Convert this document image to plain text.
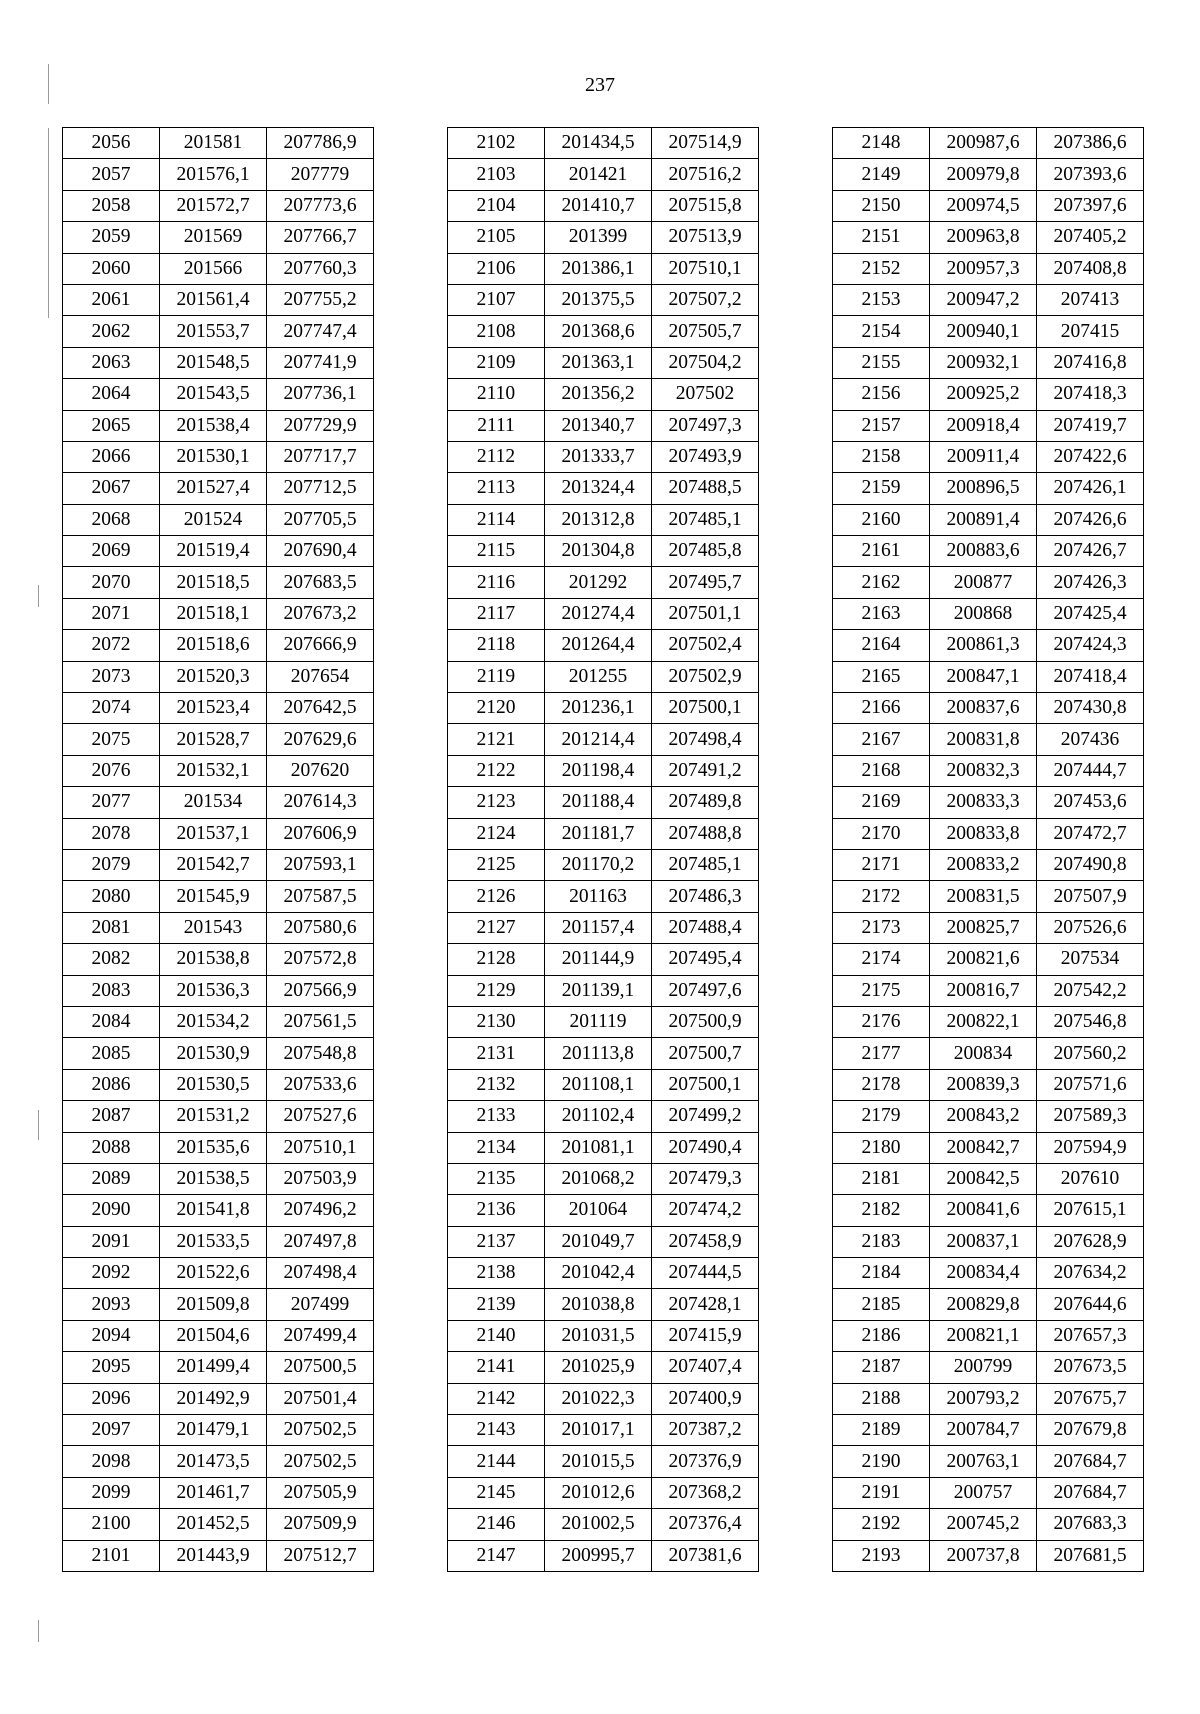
237
2056	201581	207786,9
2057	201576,1	207779
2058	201572,7	207773,6
2059	201569	207766,7
2060	201566	207760,3
2061	201561,4	207755,2
2062	201553,7	207747,4
2063	201548,5	207741,9
2064	201543,5	207736,1
2065	201538,4	207729,9
2066	201530,1	207717,7
2067	201527,4	207712,5
2068	201524	207705,5
2069	201519,4	207690,4
2070	201518,5	207683,5
2071	201518,1	207673,2
2072	201518,6	207666,9
2073	201520,3	207654
2074	201523,4	207642,5
2075	201528,7	207629,6
2076	201532,1	207620
2077	201534	207614,3
2078	201537,1	207606,9
2079	201542,7	207593,1
2080	201545,9	207587,5
2081	201543	207580,6
2082	201538,8	207572,8
2083	201536,3	207566,9
2084	201534,2	207561,5
2085	201530,9	207548,8
2086	201530,5	207533,6
2087	201531,2	207527,6
2088	201535,6	207510,1
2089	201538,5	207503,9
2090	201541,8	207496,2
2091	201533,5	207497,8
2092	201522,6	207498,4
2093	201509,8	207499
2094	201504,6	207499,4
2095	201499,4	207500,5
2096	201492,9	207501,4
2097	201479,1	207502,5
2098	201473,5	207502,5
2099	201461,7	207505,9
2100	201452,5	207509,9
2101	201443,9	207512,7
2102	201434,5	207514,9
2103	201421	207516,2
2104	201410,7	207515,8
2105	201399	207513,9
2106	201386,1	207510,1
2107	201375,5	207507,2
2108	201368,6	207505,7
2109	201363,1	207504,2
2110	201356,2	207502
2111	201340,7	207497,3
2112	201333,7	207493,9
2113	201324,4	207488,5
2114	201312,8	207485,1
2115	201304,8	207485,8
2116	201292	207495,7
2117	201274,4	207501,1
2118	201264,4	207502,4
2119	201255	207502,9
2120	201236,1	207500,1
2121	201214,4	207498,4
2122	201198,4	207491,2
2123	201188,4	207489,8
2124	201181,7	207488,8
2125	201170,2	207485,1
2126	201163	207486,3
2127	201157,4	207488,4
2128	201144,9	207495,4
2129	201139,1	207497,6
2130	201119	207500,9
2131	201113,8	207500,7
2132	201108,1	207500,1
2133	201102,4	207499,2
2134	201081,1	207490,4
2135	201068,2	207479,3
2136	201064	207474,2
2137	201049,7	207458,9
2138	201042,4	207444,5
2139	201038,8	207428,1
2140	201031,5	207415,9
2141	201025,9	207407,4
2142	201022,3	207400,9
2143	201017,1	207387,2
2144	201015,5	207376,9
2145	201012,6	207368,2
2146	201002,5	207376,4
2147	200995,7	207381,6
2148	200987,6	207386,6
2149	200979,8	207393,6
2150	200974,5	207397,6
2151	200963,8	207405,2
2152	200957,3	207408,8
2153	200947,2	207413
2154	200940,1	207415
2155	200932,1	207416,8
2156	200925,2	207418,3
2157	200918,4	207419,7
2158	200911,4	207422,6
2159	200896,5	207426,1
2160	200891,4	207426,6
2161	200883,6	207426,7
2162	200877	207426,3
2163	200868	207425,4
2164	200861,3	207424,3
2165	200847,1	207418,4
2166	200837,6	207430,8
2167	200831,8	207436
2168	200832,3	207444,7
2169	200833,3	207453,6
2170	200833,8	207472,7
2171	200833,2	207490,8
2172	200831,5	207507,9
2173	200825,7	207526,6
2174	200821,6	207534
2175	200816,7	207542,2
2176	200822,1	207546,8
2177	200834	207560,2
2178	200839,3	207571,6
2179	200843,2	207589,3
2180	200842,7	207594,9
2181	200842,5	207610
2182	200841,6	207615,1
2183	200837,1	207628,9
2184	200834,4	207634,2
2185	200829,8	207644,6
2186	200821,1	207657,3
2187	200799	207673,5
2188	200793,2	207675,7
2189	200784,7	207679,8
2190	200763,1	207684,7
2191	200757	207684,7
2192	200745,2	207683,3
2193	200737,8	207681,5
